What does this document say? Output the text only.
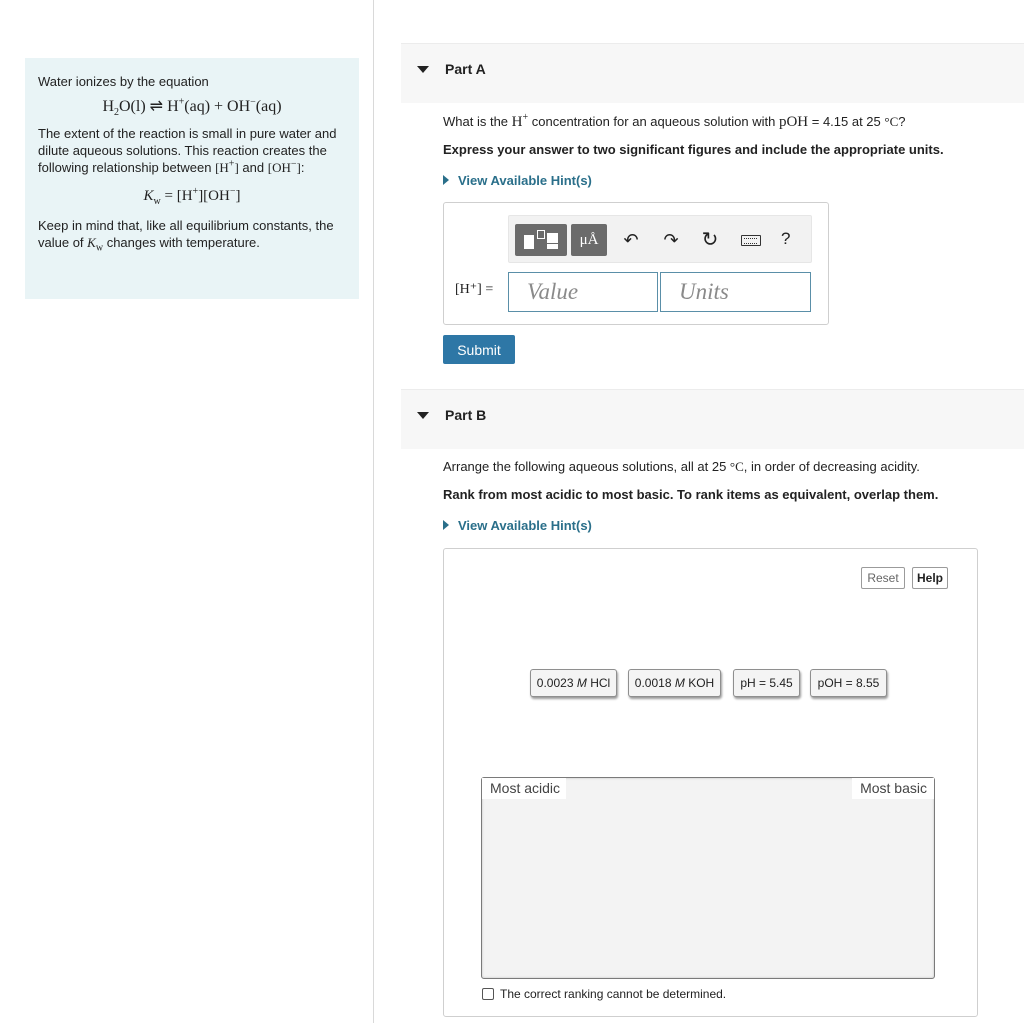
Water ionizes by the equation

$H_2O(l)$ ⇌ H+(aq) + OH−(aq)

The extent of the reaction is small in pure water and dilute aqueous solutions. This reaction creates the following relationship between [H+] and [OH−]:

$K_w = [H^+][OH^-]$

Keep in mind that, like all equilibrium constants, the value of $K_w$ changes with temperature.

Part A
What is the H+ concentration for an aqueous solution with pOH = 4.15 at 25 °C?
Express your answer to two significant figures and include the appropriate units.
View Available Hint(s)
μÅ	↶ ↷ ↻	?
[H⁺] =	Value	Units
Submit
Part B
Arrange the following aqueous solutions, all at 25 °C, in order of decreasing acidity.
Rank from most acidic to most basic. To rank items as equivalent, overlap them.
View Available Hint(s)
Reset	Help
0.0023 M HCl	0.0018 M KOH	pH = 5.45	pOH = 8.55
Most acidic	Most basic
The correct ranking cannot be determined.
